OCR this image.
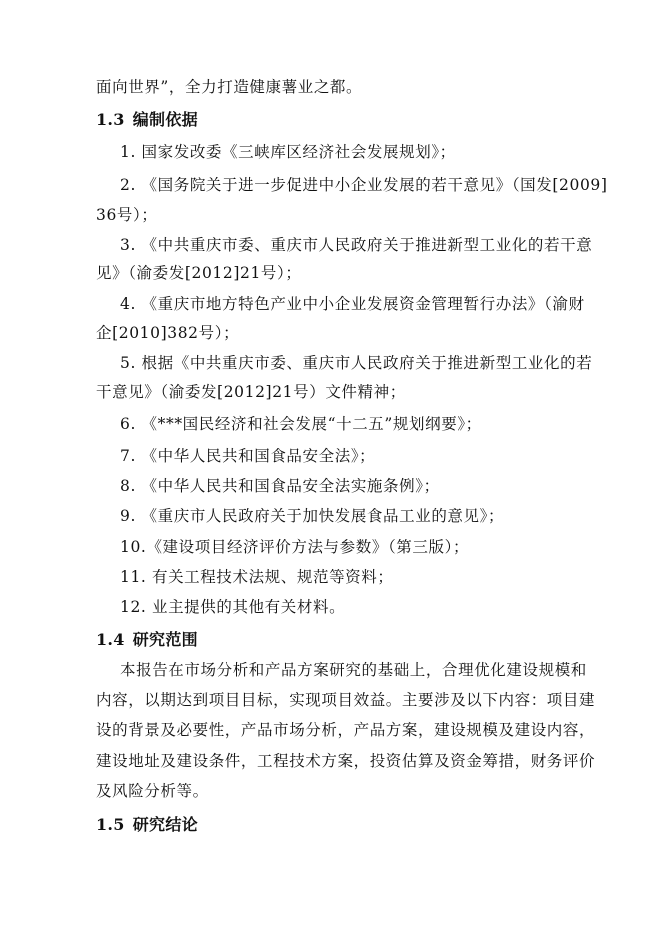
面向世界”，全力打造健康薯业之都。
1.3 编制依据
1. 国家发改委《三峡库区经济社会发展规划》；
2. 《国务院关于进一步促进中小企业发展的若干意见》（国发[2009]
36号）；
3. 《中共重庆市委、重庆市人民政府关于推进新型工业化的若干意
见》（渝委发[2012]21号）；
4. 《重庆市地方特色产业中小企业发展资金管理暂行办法》（渝财
企[2010]382号）；
5. 根据《中共重庆市委、重庆市人民政府关于推进新型工业化的若
干意见》（渝委发[2012]21号）文件精神；
6. 《***国民经济和社会发展“十二五”规划纲要》；
7. 《中华人民共和国食品安全法》；
8. 《中华人民共和国食品安全法实施条例》；
9. 《重庆市人民政府关于加快发展食品工业的意见》；
10.《建设项目经济评价方法与参数》（第三版）；
11. 有关工程技术法规、规范等资料；
12. 业主提供的其他有关材料。
1.4 研究范围
本报告在市场分析和产品方案研究的基础上，合理优化建设规模和
内容，以期达到项目目标，实现项目效益。主要涉及以下内容：项目建
设的背景及必要性，产品市场分析，产品方案，建设规模及建设内容，
建设地址及建设条件，工程技术方案，投资估算及资金筹措，财务评价
及风险分析等。
1.5 研究结论
